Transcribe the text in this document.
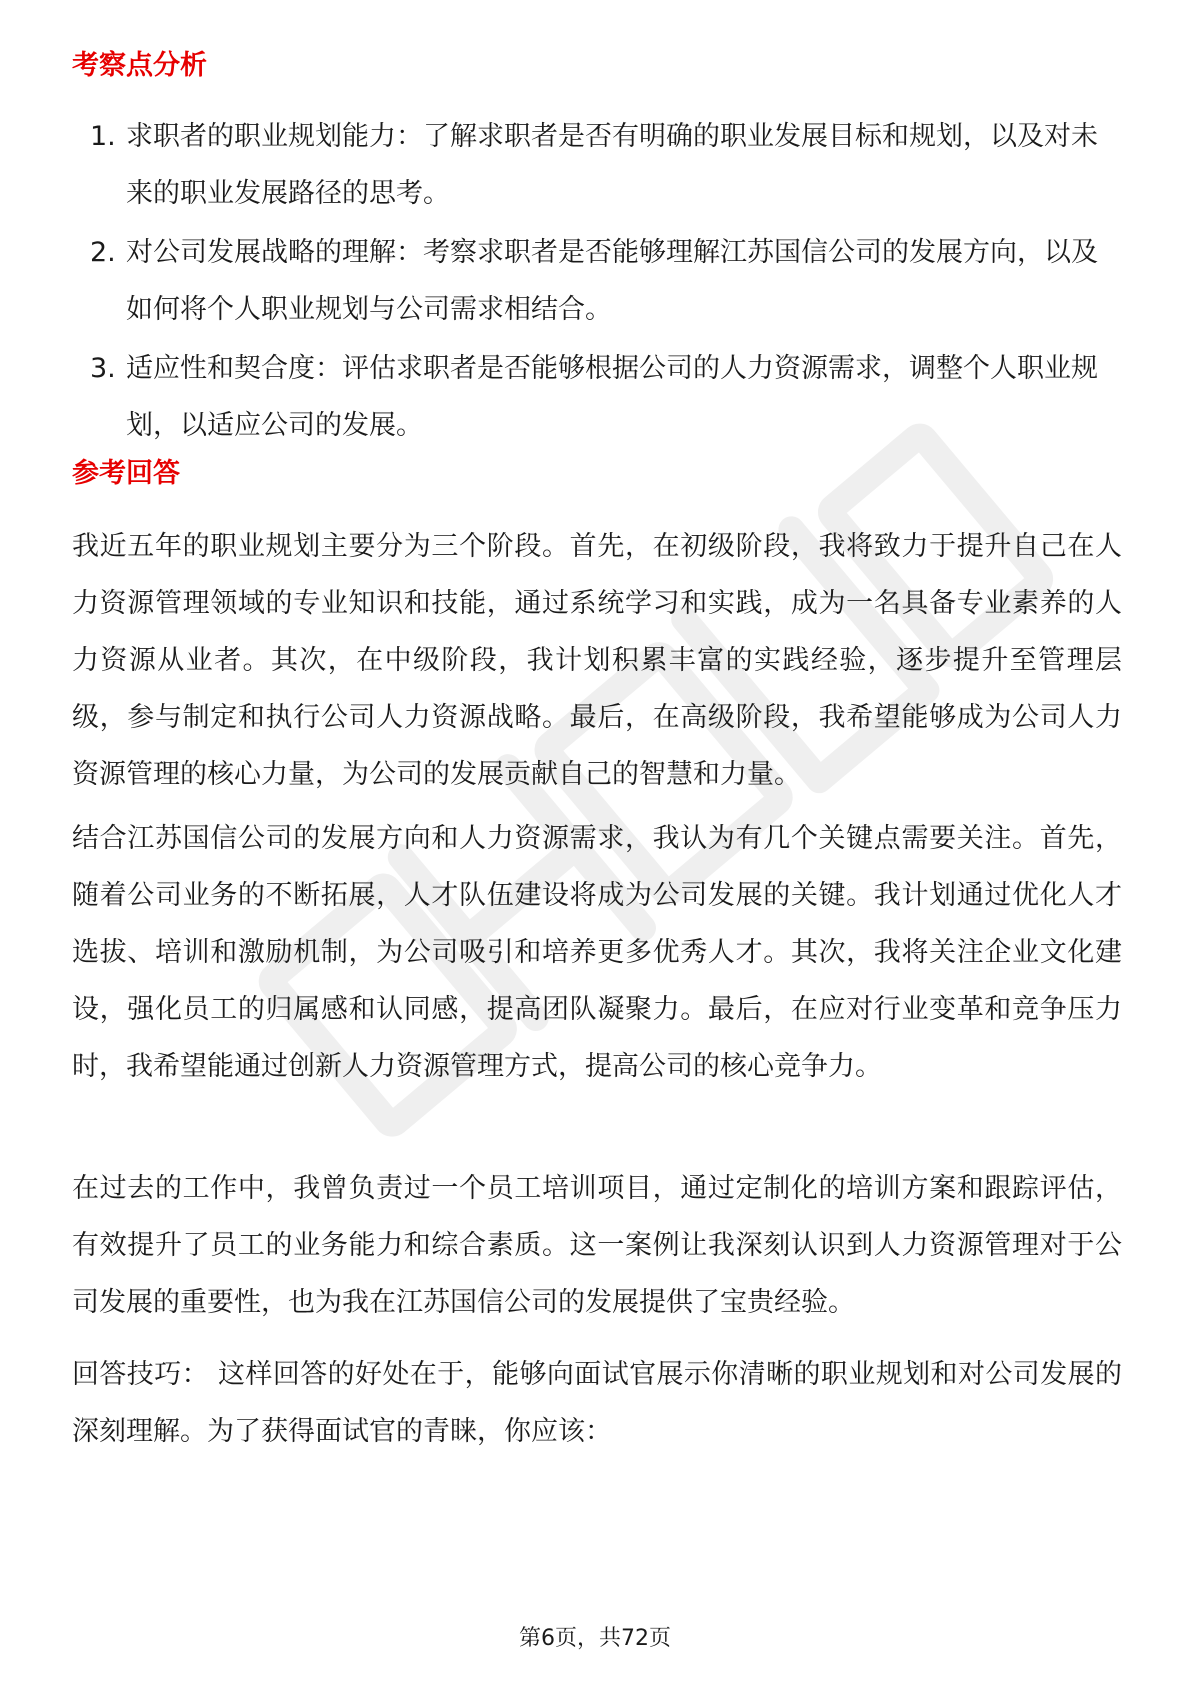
考察点分析
1. 求职者的职业规划能力：了解求职者是否有明确的职业发展目标和规划，以及对未来的职业发展路径的思考。
2. 对公司发展战略的理解：考察求职者是否能够理解江苏国信公司的发展方向，以及如何将个人职业规划与公司需求相结合。
3. 适应性和契合度：评估求职者是否能够根据公司的人力资源需求，调整个人职业规划，以适应公司的发展。
参考回答

我近五年的职业规划主要分为三个阶段。首先，在初级阶段，我将致力于提升自己在人力资源管理领域的专业知识和技能，通过系统学习和实践，成为一名具备专业素养的人力资源从业者。其次，在中级阶段，我计划积累丰富的实践经验，逐步提升至管理层级，参与制定和执行公司人力资源战略。最后，在高级阶段，我希望能够成为公司人力资源管理的核心力量，为公司的发展贡献自己的智慧和力量。

结合江苏国信公司的发展方向和人力资源需求，我认为有几个关键点需要关注。首先，随着公司业务的不断拓展，人才队伍建设将成为公司发展的关键。我计划通过优化人才选拔、培训和激励机制，为公司吸引和培养更多优秀人才。其次，我将关注企业文化建设，强化员工的归属感和认同感，提高团队凝聚力。最后，在应对行业变革和竞争压力时，我希望能通过创新人力资源管理方式，提高公司的核心竞争力。

在过去的工作中，我曾负责过一个员工培训项目，通过定制化的培训方案和跟踪评估，有效提升了员工的业务能力和综合素质。这一案例让我深刻认识到人力资源管理对于公司发展的重要性，也为我在江苏国信公司的发展提供了宝贵经验。

回答技巧： 这样回答的好处在于，能够向面试官展示你清晰的职业规划和对公司发展的深刻理解。为了获得面试官的青睐，你应该：

第6页，共72页
